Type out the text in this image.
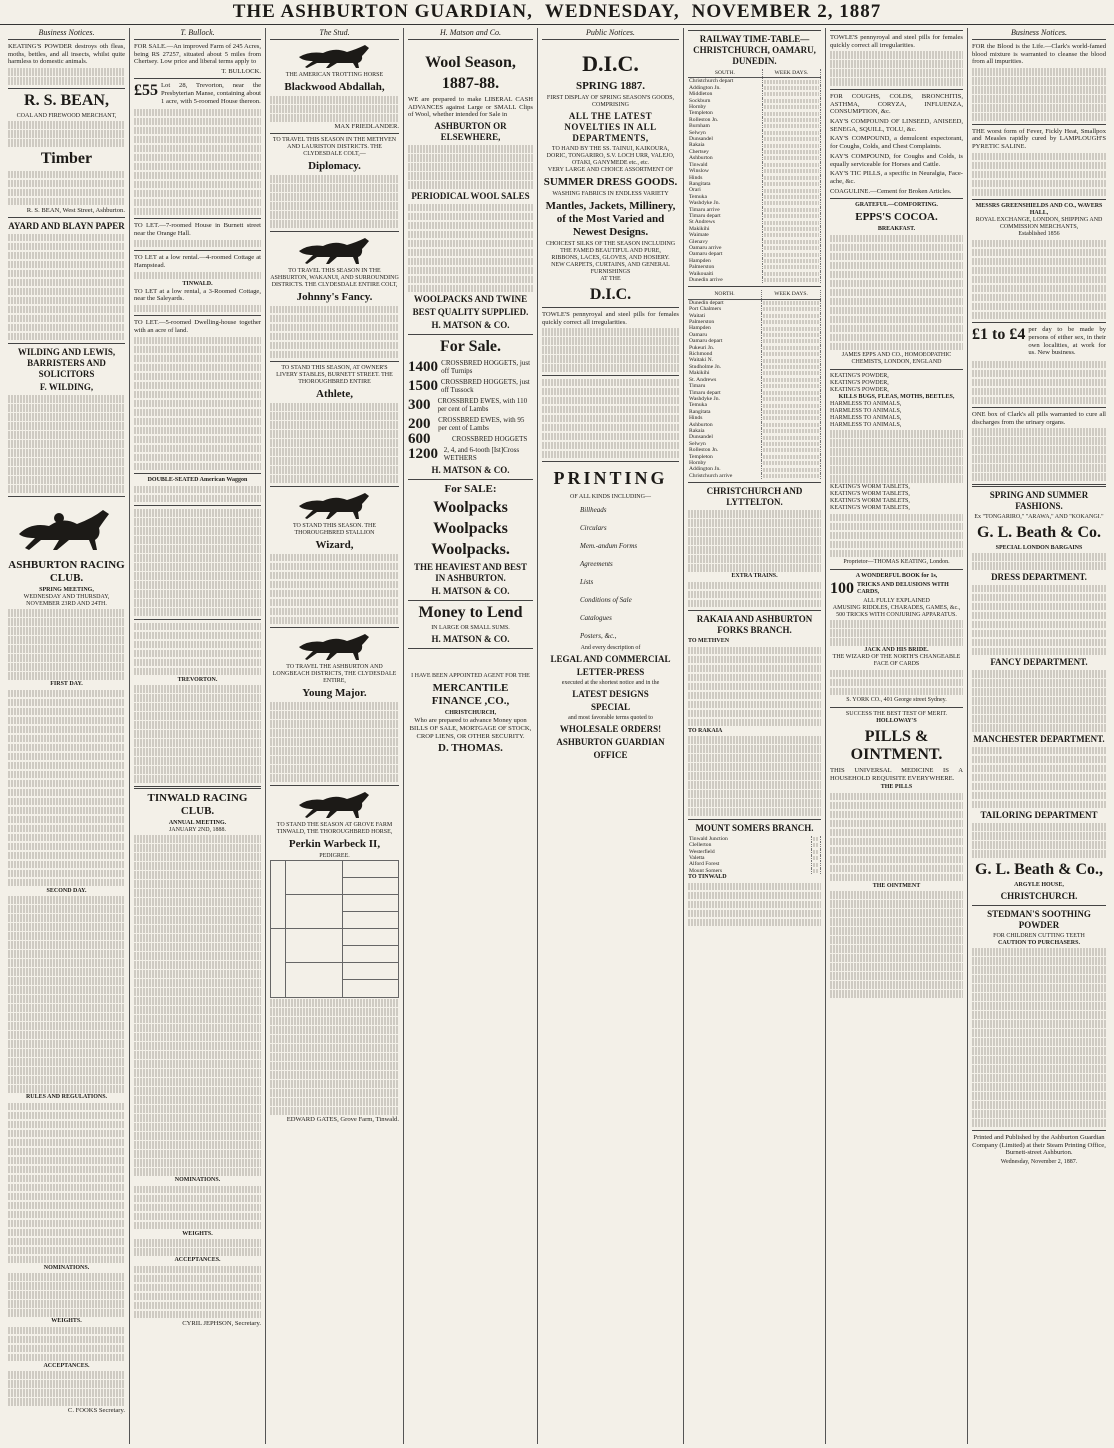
THE ASHBURTON GUARDIAN, WEDNESDAY, NOVEMBER 2, 1887
Business Notices.

KEATING'S POWDER destroys oth fleas, moths, bettles, and all insects, whilst quite harmless to domestic animals.

R. S. BEAN,
COAL AND FIREWOOD MERCHANT,
Timber

R. S. BEAN, West Street, Ashburton.

AYARD AND BLAYN PAPER
WILDING AND LEWIS, BARRISTERS AND SOLICITORS
F. WILDING,
ASHBURTON RACING CLUB.
SPRING MEETING,
WEDNESDAY AND THURSDAY, NOVEMBER 23RD AND 24TH.
FIRST DAY.
SECOND DAY.
RULES AND REGULATIONS.
NOMINATIONS.
WEIGHTS.
ACCEPTANCES.

C. FOOKS Secretary.

T. Bullock.

FOR SALE.—An improved Farm of 245 Acres, being RS 27257, situated about 5 miles from Chertsey. Low price and liberal terms apply to

T. BULLOCK.

£55 Lot 28, Trevorton, near the Presbyterian Manse, containing about 1 acre, with 5-roomed House thereon.

TO LET.—7-roomed House in Burnett street near the Orange Hall.

TO LET at a low rental.—4-roomed Cottage at Hampstead.

TINWALD.

TO LET at a low rental, a 3-Roomed Cottage, near the Saleyards.

TO LET.—5-roomed Dwelling-house together with an acre of land.

DOUBLE-SEATED American Waggon
TREVORTON.
TINWALD RACING CLUB.
ANNUAL MEETING.
JANUARY 2ND, 1888.
NOMINATIONS.
WEIGHTS.
ACCEPTANCES.

CYRIL JEPHSON, Secretary.

The Stud.
THE AMERICAN TROTTING HORSE
Blackwood Abdallah,

MAX FRIEDLANDER.

TO TRAVEL THIS SEASON IN THE METHVEN AND LAURISTON DISTRICTS. THE CLYDESDALE COLT,—
Diplomacy.
TO TRAVEL THIS SEASON IN THE ASHBURTON, WAKANUI, AND SURROUNDING DISTRICTS. THE CLYDESDALE ENTIRE COLT,
Johnny's Fancy.
TO STAND THIS SEASON, AT OWNER'S LIVERY STABLES, BURNETT STREET. THE THOROUGHBRED ENTIRE
Athlete,
TO STAND THIS SEASON. THE THOROUGHBRED STALLION
Wizard,
TO TRAVEL THE ASHBURTON AND LONGBEACH DISTRICTS, THE CLYDESDALE ENTIRE,
Young Major.
TO STAND THE SEASON AT GROVE FARM TINWALD, THE THOROUGHBRED HORSE,
Perkin Warbeck II,
PEDIGREE.

EDWARD GATES, Grove Farm, Tinwald.

H. Matson and Co.
Wool Season,
1887-88.

WE are prepared to make LIBERAL CASH ADVANCES against Large or SMALL Clips of Wool, whether intended for Sale in

ASHBURTON OR ELSEWHERE,
PERIODICAL WOOL SALES
WOOLPACKS AND TWINE
BEST QUALITY SUPPLIED.
H. MATSON & CO.
For Sale.
1400 CROSSBRED HOGGETS, just off Turnips
1500 CROSSBRED HOGGETS, just off Tussock
300	CROSSBRED EWES, with 110 per cent of Lambs
200	CROSSBRED EWES, with 95 per cent of Lambs
600	CROSSBRED HOGGETS
1200 2, 4, and 6-tooth [Ist]Cross WETHERS
H. MATSON & CO.
For SALE:
Woolpacks
Woolpacks
Woolpacks.
THE HEAVIEST AND BEST IN ASHBURTON.
H. MATSON & CO.
Money to Lend
IN LARGE OR SMALL SUMS.
H. MATSON & CO.
I HAVE BEEN APPOINTED AGENT FOR THE
MERCANTILE FINANCE ,CO.,
CHRISTCHURCH,

Who are prepared to advance Money upon BILLS OF SALE, MORTGAGE OF STOCK, CROP LIENS, OR OTHER SECURITY.

D. THOMAS.
Public Notices.
D.I.C.
SPRING 1887.
FIRST DISPLAY OF SPRING SEASON'S GOODS,
COMPRISING
ALL THE LATEST NOVELTIES IN ALL DEPARTMENTS,
TO HAND BY THE SS. TAINUI, KAIKOURA, DORIC, TONGARIRO, S.V. LOCH URR, VALEJO, OTAKI, GANYMEDE etc., etc.
VERY LARGE AND CHOICE ASSORTMENT OF
SUMMER DRESS GOODS.
WASHING FABRICS IN ENDLESS VARIETY
Mantles, Jackets, Millinery, of the Most Varied and Newest Designs.
CHOICEST SILKS OF THE SEASON INCLUDING THE FAMED BEAUTIFUL AND PURE,
RIBBONS, LACES, GLOVES, AND HOSIERY.
NEW CARPETS, CURTAINS, AND GENERAL FURNISHINGS
AT THE
D.I.C.

TOWLE'S pennyroyal and steel pills for females quickly correct all irregularities.

PRINTING
OF ALL KINDS INCLUDING—
Billheads
Circulars
Mem.-andum Forms
Agreements
Lists
Conditions of Sale
Catalogues
Posters, &c.,
And every description of
LEGAL AND COMMERCIAL
LETTER-PRESS
executed at the shortest notice and in the
LATEST DESIGNS
SPECIAL
and most favorable terms quoted to
WHOLESALE ORDERS!
ASHBURTON GUARDIAN
OFFICE
RAILWAY TIME-TABLE—CHRISTCHURCH, OAMARU, DUNEDIN.
SOUTH.	WEEK DAYS.
Christchurch depart	

Addington Jn.	

Middleton	

Sockburn	

Hornby	

Templeton	

Rolleston Jn.	

Burnham	

Selwyn	

Dunsandel	

Rakaia	

Chertsey	

Ashburton	

Tinwald	

Winslow	

Hinds	

Rangitata	

Orari	

Temuka	

Washdyke Jn.	

Timaru arrive	

Timaru depart	

St Andrews	

Makikihi	

Waimate	

Glenavy	

Oamaru arrive	

Oamaru depart	

Hampden	

Palmerston	

Waikouaiti	

Dunedin arrive	
NORTH.	WEEK DAYS.
Dunedin depart	

Port Chalmers	

Waitati	

Palmerston	

Hampden	

Oamaru	

Oamaru depart	

Pukeuri Jn.	

Richmond	

Waitaki N.	

Studholme Jn.	

Makikihi	

St. Andrews	

Timaru	

Timaru depart	

Washdyke Jn.	

Temuka	

Rangitata	

Hinds	

Ashburton	

Rakaia	

Dunsandel	

Selwyn	

Rolleston Jn.	

Templeton	

Hornby	

Addington Jn.	

Christchurch arrive	
CHRISTCHURCH AND LYTTELTON.
EXTRA TRAINS.
RAKAIA AND ASHBURTON FORKS BRANCH.
TO METHVEN
TO RAKAIA
MOUNT SOMERS BRANCH.
Tinwald Junction	

Clellerton	

Westerfield	

Valetta	

Alford Forest	

Mount Somers	
TO TINWALD

TOWLE'S pennyroyal and steel pills for females quickly correct all irregularities.

FOR COUGHS, COLDS, BRONCHITIS, ASTHMA, CORYZA, INFLUENZA, CONSUMPTION, &c.

KAY'S COMPOUND OF LINSEED, ANISEED, SENEGA, SQUILL, TOLU, &c.

KAY'S COMPOUND, a demulcent expectorant, for Coughs, Colds, and Chest Complaints.

KAY'S COMPOUND, for Coughs and Colds, is equally serviceable for Horses and Cattle.

KAY'S TIC PILLS, a specific in Neuralgia, Face-ache, &c.

COAGULINE.—Cement for Broken Articles.

GRATEFUL—COMFORTING.
EPPS'S COCOA.
BREAKFAST.
JAMES EPPS AND CO., HOMOEOPATHIC CHEMISTS, LONDON, ENGLAND
KEATING'S POWDER,
KEATING'S POWDER,
KEATING'S POWDER,
KILLS BUGS, FLEAS, MOTHS, BEETLES,
HARMLESS TO ANIMALS,
HARMLESS TO ANIMALS,
HARMLESS TO ANIMALS,
HARMLESS TO ANIMALS,
KEATING'S WORM TABLETS,
KEATING'S WORM TABLETS,
KEATING'S WORM TABLETS,
KEATING'S WORM TABLETS,
Proprietor—THOMAS KEATING, London.
A WONDERFUL BOOK for 1s,
100 TRICKS AND DELUSIONS WITH CARDS,
ALL FULLY EXPLAINED
AMUSING RIDDLES, CHARADES, GAMES, &c.,
500 TRICKS WITH CONJURING APPARATUS.
JACK AND HIS BRIDE.
THE WIZARD OF THE NORTH'S CHANGEABLE FACE OF CARDS
S. YORK CO., 401 George street Sydney.
SUCCESS THE BEST TEST OF MERIT.
HOLLOWAY'S
PILLS & OINTMENT.

THIS UNIVERSAL MEDICINE IS A HOUSEHOLD REQUISITE EVERYWHERE.

THE PILLS
THE OINTMENT
Business Notices.

FOR the Blood is the Life.—Clark's world-famed blood mixture is warranted to cleanse the blood from all impurities.

THE worst form of Fever, Fickly Heat, Smallpox and Measles rapidly cured by LAMPLOUGH'S PYRETIC SALINE.

MESSRS GREENSHIELDS AND CO., WAVERS HALL,
ROYAL EXCHANGE, LONDON, SHIPPING AND COMMISSION MERCHANTS,
Established 1856
£1 to £4 per day to be made by persons of either sex, in their own localities, at work for us. New business.

ONE box of Clark's all pills warranted to cure all discharges from the urinary organs.

SPRING AND SUMMER FASHIONS.
Ex "TONGARIRO," "ARAWA," AND "KOKANGI."
G. L. Beath & Co.
SPECIAL LONDON BARGAINS
DRESS DEPARTMENT.
FANCY DEPARTMENT.
MANCHESTER DEPARTMENT.
TAILORING DEPARTMENT
G. L. Beath & Co.,
ARGYLE HOUSE,
CHRISTCHURCH.
STEDMAN'S SOOTHING POWDER
FOR CHILDREN CUTTING TEETH
CAUTION TO PURCHASERS.

Printed and Published by the Ashburton Guardian Company (Limited) at their Steam Printing Office, Burnett-street Ashburton.

Wednesday, November 2, 1887.
